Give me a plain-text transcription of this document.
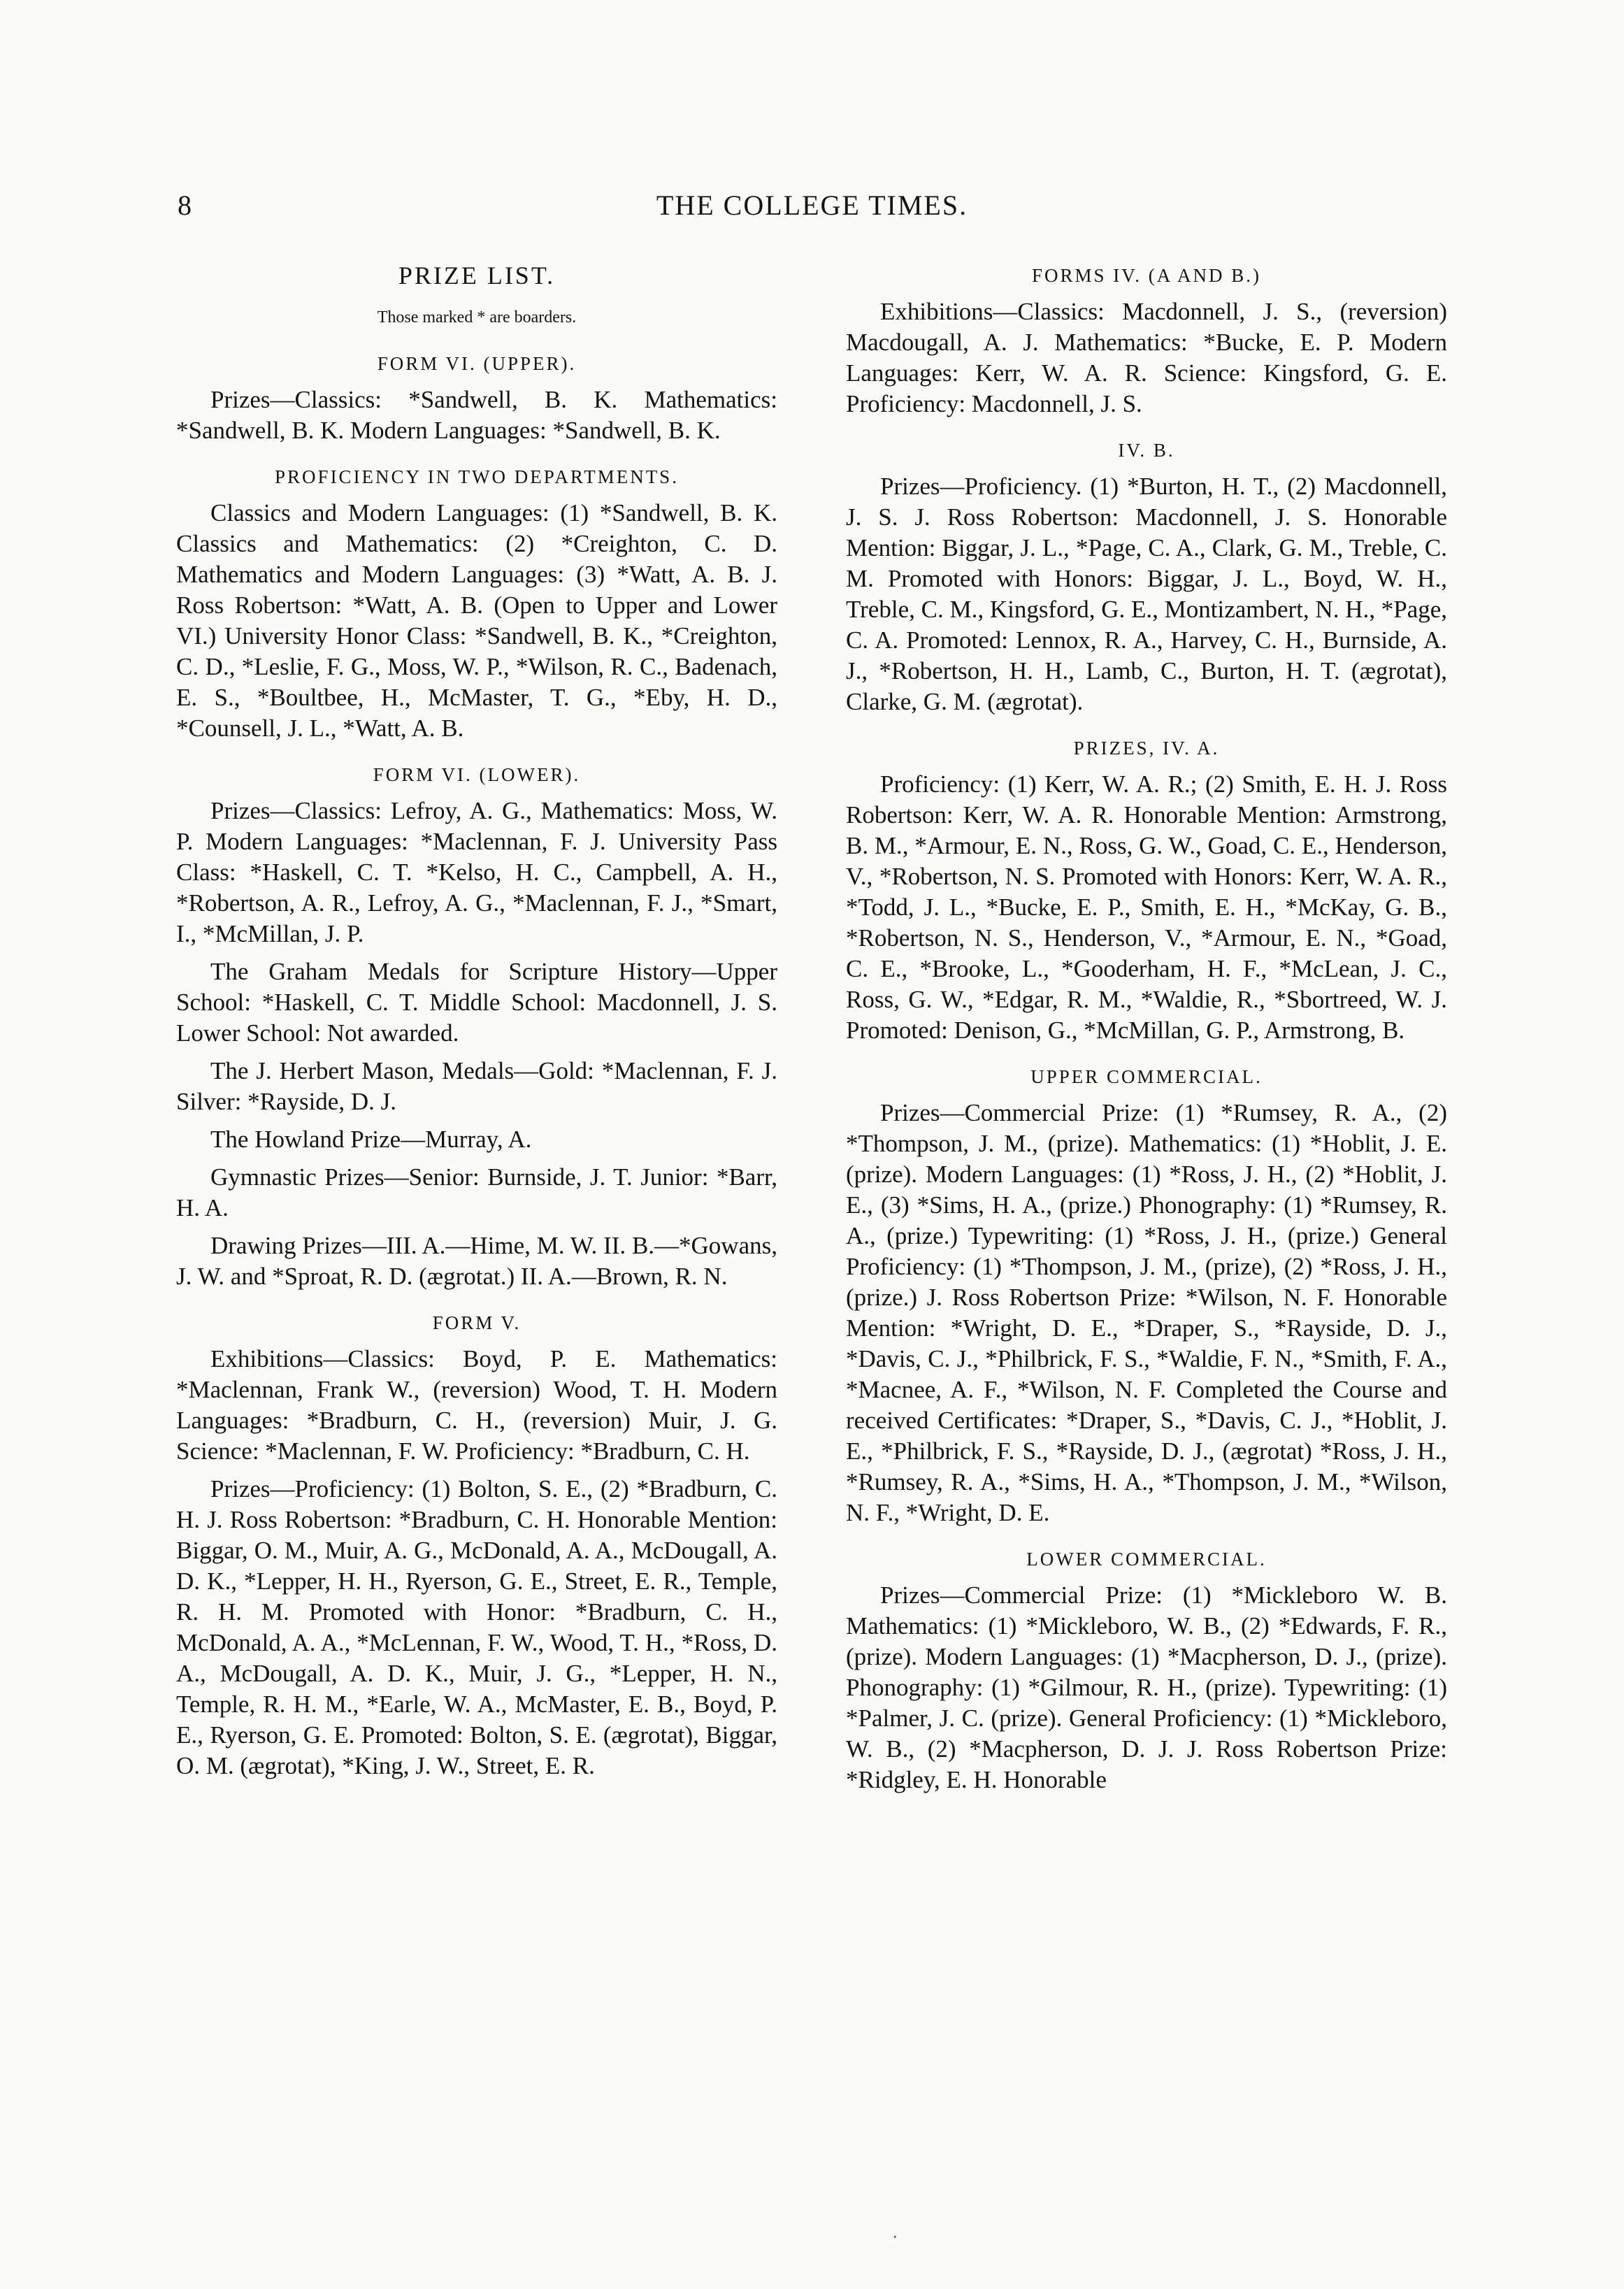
8	THE COLLEGE TIMES.
PRIZE LIST.
Those marked * are boarders.
FORM VI. (UPPER).

Prizes—Classics: *Sandwell, B. K. Mathematics: *Sandwell, B. K. Modern Languages: *Sandwell, B. K.

PROFICIENCY IN TWO DEPARTMENTS.

Classics and Modern Languages: (1) *Sandwell, B. K. Classics and Mathematics: (2) *Creighton, C. D. Mathematics and Modern Languages: (3) *Watt, A. B. J. Ross Robertson: *Watt, A. B. (Open to Upper and Lower VI.) University Honor Class: *Sandwell, B. K., *Creighton, C. D., *Leslie, F. G., Moss, W. P., *Wilson, R. C., Badenach, E. S., *Boultbee, H., McMaster, T. G., *Eby, H. D., *Counsell, J. L., *Watt, A. B.

FORM VI. (LOWER).

Prizes—Classics: Lefroy, A. G., Mathematics: Moss, W. P. Modern Languages: *Maclennan, F. J. University Pass Class: *Haskell, C. T. *Kelso, H. C., Campbell, A. H., *Robertson, A. R., Lefroy, A. G., *Maclennan, F. J., *Smart, I., *McMillan, J. P.

The Graham Medals for Scripture History—Upper School: *Haskell, C. T. Middle School: Macdonnell, J. S. Lower School: Not awarded.

The J. Herbert Mason, Medals—Gold: *Maclennan, F. J. Silver: *Rayside, D. J.

The Howland Prize—Murray, A.

Gymnastic Prizes—Senior: Burnside, J. T. Junior: *Barr, H. A.

Drawing Prizes—III. A.—Hime, M. W. II. B.—*Gowans, J. W. and *Sproat, R. D. (ægrotat.) II. A.—Brown, R. N.

FORM V.

Exhibitions—Classics: Boyd, P. E. Mathematics: *Maclennan, Frank W., (reversion) Wood, T. H. Modern Languages: *Bradburn, C. H., (reversion) Muir, J. G. Science: *Maclennan, F. W. Proficiency: *Bradburn, C. H.

Prizes—Proficiency: (1) Bolton, S. E., (2) *Bradburn, C. H. J. Ross Robertson: *Bradburn, C. H. Honorable Mention: Biggar, O. M., Muir, A. G., McDonald, A. A., McDougall, A. D. K., *Lepper, H. H., Ryerson, G. E., Street, E. R., Temple, R. H. M. Promoted with Honor: *Bradburn, C. H., McDonald, A. A., *McLennan, F. W., Wood, T. H., *Ross, D. A., McDougall, A. D. K., Muir, J. G., *Lepper, H. N., Temple, R. H. M., *Earle, W. A., McMaster, E. B., Boyd, P. E., Ryerson, G. E. Promoted: Bolton, S. E. (ægrotat), Biggar, O. M. (ægrotat), *King, J. W., Street, E. R.

FORMS IV. (A AND B.)

Exhibitions—Classics: Macdonnell, J. S., (reversion) Macdougall, A. J. Mathematics: *Bucke, E. P. Modern Languages: Kerr, W. A. R. Science: Kingsford, G. E. Proficiency: Macdonnell, J. S.

IV. B.

Prizes—Proficiency. (1) *Burton, H. T., (2) Macdonnell, J. S. J. Ross Robertson: Macdonnell, J. S. Honorable Mention: Biggar, J. L., *Page, C. A., Clark, G. M., Treble, C. M. Promoted with Honors: Biggar, J. L., Boyd, W. H., Treble, C. M., Kingsford, G. E., Montizambert, N. H., *Page, C. A. Promoted: Lennox, R. A., Harvey, C. H., Burnside, A. J., *Robertson, H. H., Lamb, C., Burton, H. T. (ægrotat), Clarke, G. M. (ægrotat).

PRIZES, IV. A.

Proficiency: (1) Kerr, W. A. R.; (2) Smith, E. H. J. Ross Robertson: Kerr, W. A. R. Honorable Mention: Armstrong, B. M., *Armour, E. N., Ross, G. W., Goad, C. E., Henderson, V., *Robertson, N. S. Promoted with Honors: Kerr, W. A. R., *Todd, J. L., *Bucke, E. P., Smith, E. H., *McKay, G. B., *Robertson, N. S., Henderson, V., *Armour, E. N., *Goad, C. E., *Brooke, L., *Gooderham, H. F., *McLean, J. C., Ross, G. W., *Edgar, R. M., *Waldie, R., *Sbortreed, W. J. Promoted: Denison, G., *McMillan, G. P., Armstrong, B.

UPPER COMMERCIAL.

Prizes—Commercial Prize: (1) *Rumsey, R. A., (2) *Thompson, J. M., (prize). Mathematics: (1) *Hoblit, J. E. (prize). Modern Languages: (1) *Ross, J. H., (2) *Hoblit, J. E., (3) *Sims, H. A., (prize.) Phonography: (1) *Rumsey, R. A., (prize.) Typewriting: (1) *Ross, J. H., (prize.) General Proficiency: (1) *Thompson, J. M., (prize), (2) *Ross, J. H., (prize.) J. Ross Robertson Prize: *Wilson, N. F. Honorable Mention: *Wright, D. E., *Draper, S., *Rayside, D. J., *Davis, C. J., *Philbrick, F. S., *Waldie, F. N., *Smith, F. A., *Macnee, A. F., *Wilson, N. F. Completed the Course and received Certificates: *Draper, S., *Davis, C. J., *Hoblit, J. E., *Philbrick, F. S., *Rayside, D. J., (ægrotat) *Ross, J. H., *Rumsey, R. A., *Sims, H. A., *Thompson, J. M., *Wilson, N. F., *Wright, D. E.

LOWER COMMERCIAL.

Prizes—Commercial Prize: (1) *Mickleboro W. B. Mathematics: (1) *Mickleboro, W. B., (2) *Edwards, F. R., (prize). Modern Languages: (1) *Macpherson, D. J., (prize). Phonography: (1) *Gilmour, R. H., (prize). Typewriting: (1) *Palmer, J. C. (prize). General Proficiency: (1) *Mickleboro, W. B., (2) *Macpherson, D. J. J. Ross Robertson Prize: *Ridgley, E. H. Honorable

·
